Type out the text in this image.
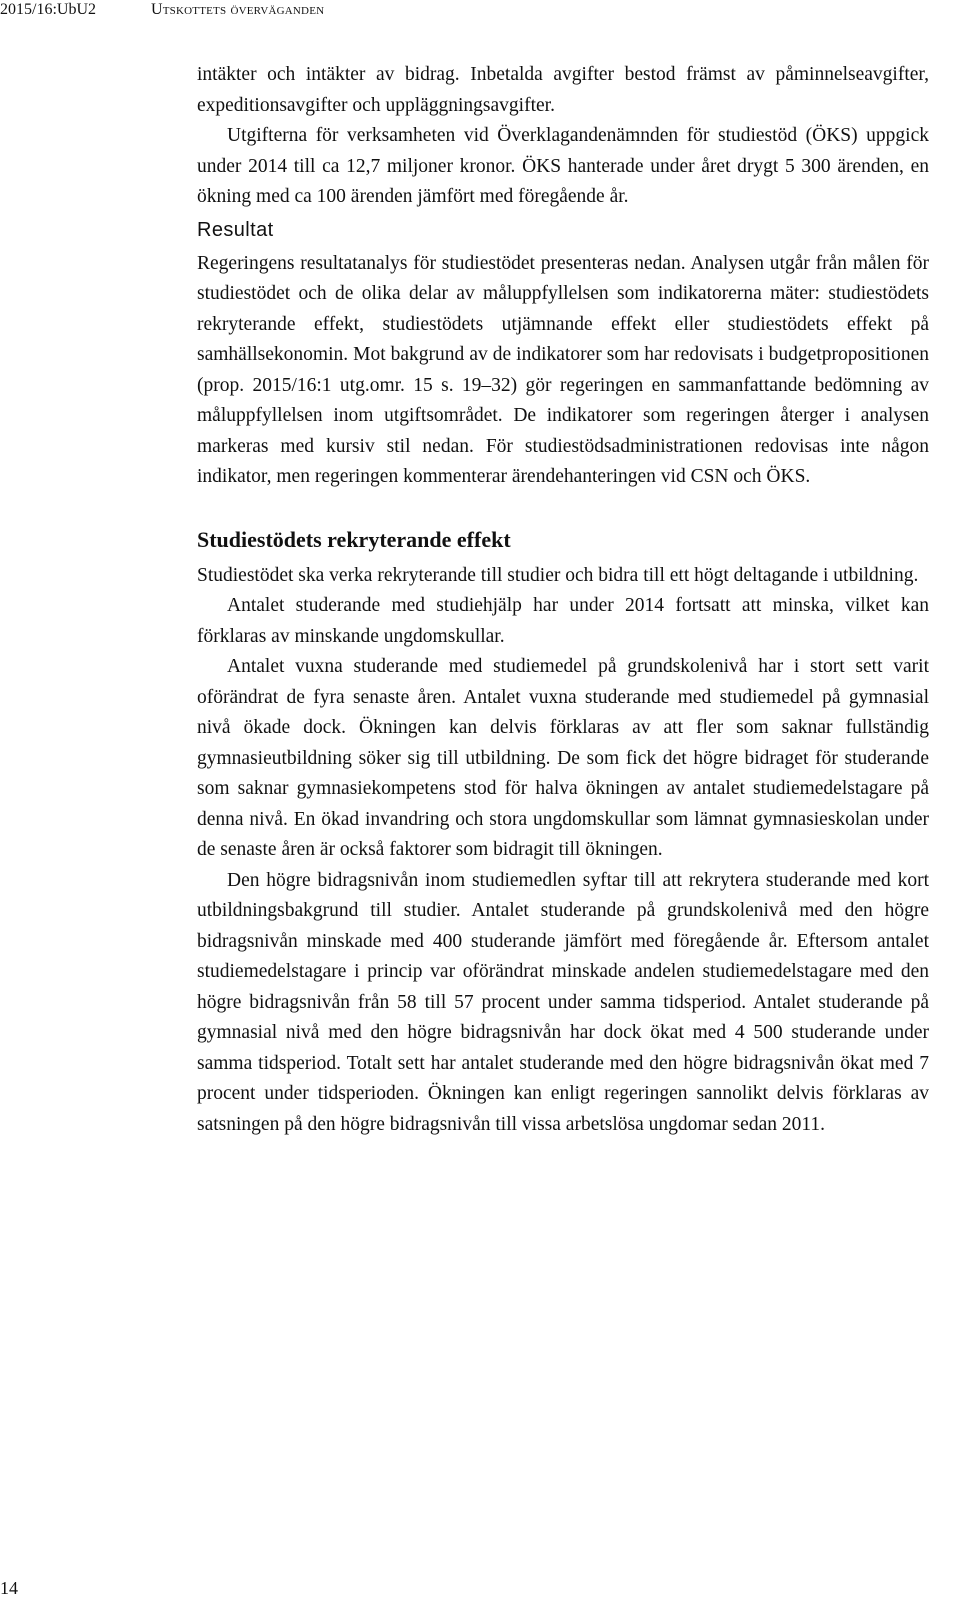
2015/16:UbU2	Utskottets överväganden

intäkter och intäkter av bidrag. Inbetalda avgifter bestod främst av påminnelseavgifter, expeditionsavgifter och uppläggningsavgifter.

Utgifterna för verksamheten vid Överklagandenämnden för studiestöd (ÖKS) uppgick under 2014 till ca 12,7 miljoner kronor. ÖKS hanterade under året drygt 5 300 ärenden, en ökning med ca 100 ärenden jämfört med föregående år.

Resultat

Regeringens resultatanalys för studiestödet presenteras nedan. Analysen utgår från målen för studiestödet och de olika delar av måluppfyllelsen som indikatorerna mäter: studiestödets rekryterande effekt, studiestödets utjämnande effekt eller studiestödets effekt på samhällsekonomin. Mot bakgrund av de indikatorer som har redovisats i budgetpropositionen (prop. 2015/16:1 utg.omr. 15 s. 19–32) gör regeringen en sammanfattande bedömning av måluppfyllelsen inom utgiftsområdet. De indikatorer som regeringen återger i analysen markeras med kursiv stil nedan. För studiestödsadministrationen redovisas inte någon indikator, men regeringen kommenterar ärendehanteringen vid CSN och ÖKS.

Studiestödets rekryterande effekt

Studiestödet ska verka rekryterande till studier och bidra till ett högt deltagande i utbildning.

Antalet studerande med studiehjälp har under 2014 fortsatt att minska, vilket kan förklaras av minskande ungdomskullar.

Antalet vuxna studerande med studiemedel på grundskolenivå har i stort sett varit oförändrat de fyra senaste åren. Antalet vuxna studerande med studiemedel på gymnasial nivå ökade dock. Ökningen kan delvis förklaras av att fler som saknar fullständig gymnasieutbildning söker sig till utbildning. De som fick det högre bidraget för studerande som saknar gymnasiekompetens stod för halva ökningen av antalet studiemedelstagare på denna nivå. En ökad invandring och stora ungdomskullar som lämnat gymnasieskolan under de senaste åren är också faktorer som bidragit till ökningen.

Den högre bidragsnivån inom studiemedlen syftar till att rekrytera studerande med kort utbildningsbakgrund till studier. Antalet studerande på grundskolenivå med den högre bidragsnivån minskade med 400 studerande jämfört med föregående år. Eftersom antalet studiemedelstagare i princip var oförändrat minskade andelen studiemedelstagare med den högre bidragsnivån från 58 till 57 procent under samma tidsperiod. Antalet studerande på gymnasial nivå med den högre bidragsnivån har dock ökat med 4 500 studerande under samma tidsperiod. Totalt sett har antalet studerande med den högre bidragsnivån ökat med 7 procent under tidsperioden. Ökningen kan enligt regeringen sannolikt delvis förklaras av satsningen på den högre bidragsnivån till vissa arbetslösa ungdomar sedan 2011.

14
